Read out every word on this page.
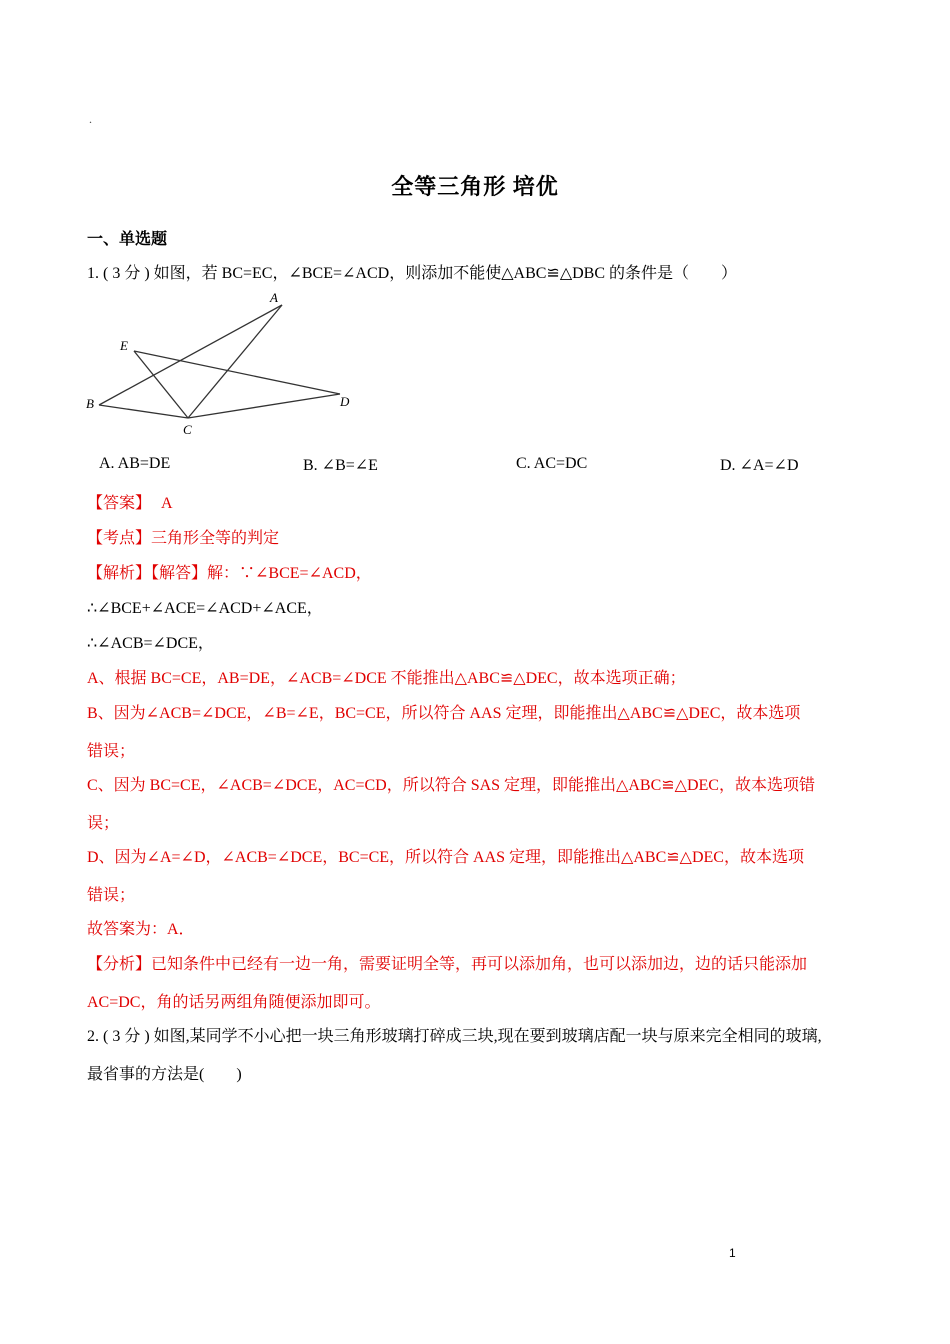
.
全等三角形 培优
一、单选题
1. ( 3 分 ) 如图，若 BC=EC，∠BCE=∠ACD，则添加不能使△ABC≌△DBC 的条件是（　　）
A
B
C
D
E
A. AB=DE	B. ∠B=∠E	C. AC=DC	D. ∠A=∠D
【答案】 A
【考点】三角形全等的判定
【解析】【解答】解：∵∠BCE=∠ACD，
∴∠BCE+∠ACE=∠ACD+∠ACE，
∴∠ACB=∠DCE，
A、根据 BC=CE，AB=DE，∠ACB=∠DCE 不能推出△ABC≌△DEC，故本选项正确；
B、因为∠ACB=∠DCE，∠B=∠E，BC=CE，所以符合 AAS 定理，即能推出△ABC≌△DEC，故本选项
错误；
C、因为 BC=CE，∠ACB=∠DCE，AC=CD，所以符合 SAS 定理，即能推出△ABC≌△DEC，故本选项错
误；
D、因为∠A=∠D，∠ACB=∠DCE，BC=CE，所以符合 AAS 定理，即能推出△ABC≌△DEC，故本选项
错误；
故答案为：A．
【分析】已知条件中已经有一边一角，需要证明全等，再可以添加角，也可以添加边，边的话只能添加
AC=DC，角的话另两组角随便添加即可。
2. ( 3 分 ) 如图,某同学不小心把一块三角形玻璃打碎成三块,现在要到玻璃店配一块与原来完全相同的玻璃,
最省事的方法是(　　)
1
